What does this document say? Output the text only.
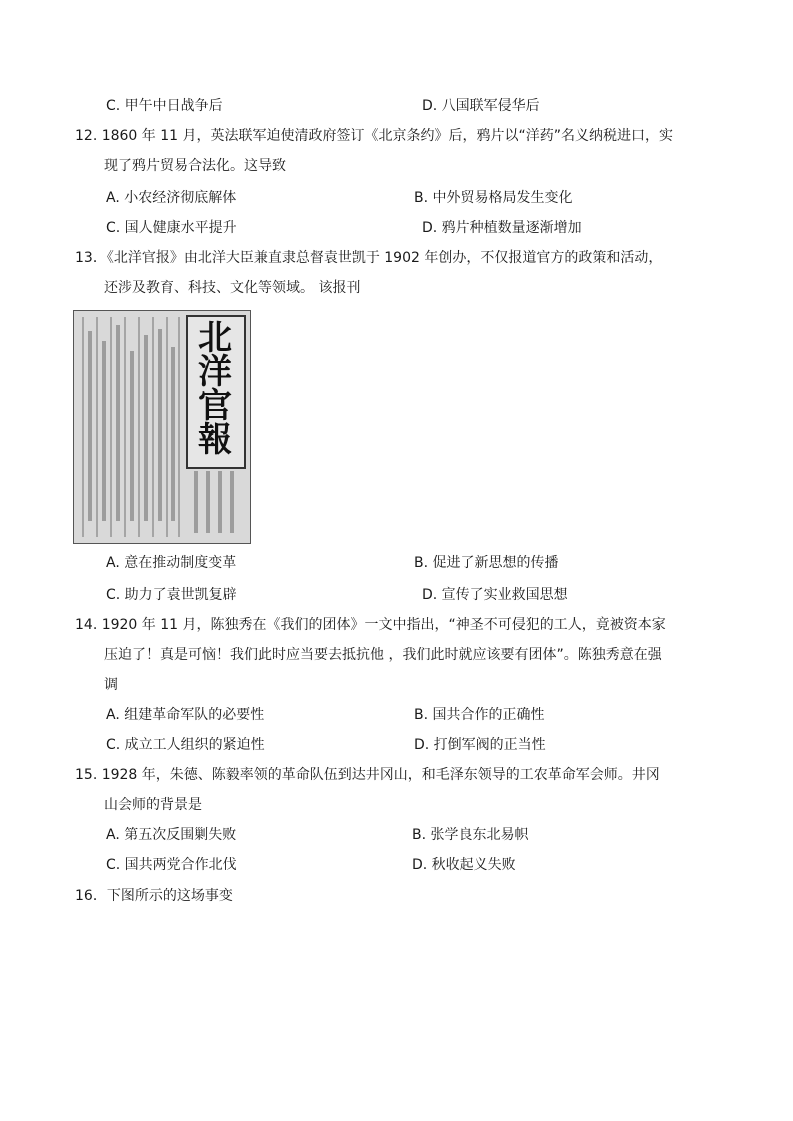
C. 甲午中日战争后	D. 八国联军侵华后
12. 1860 年 11 月，英法联军迫使清政府签订《北京条约》后，鸦片以“洋药”名义纳税进口，实
现了鸦片贸易合法化。这导致
A. 小农经济彻底解体	B. 中外贸易格局发生变化
C. 国人健康水平提升	D. 鸦片种植数量逐渐增加
13．《北洋官报》由北洋大臣兼直隶总督袁世凯于 1902 年创办，不仅报道官方的政策和活动，
还涉及教育、科技、文化等领域。 该报刊
北洋官報
A. 意在推动制度变革	B. 促进了新思想的传播
C. 助力了袁世凯复辟	D. 宣传了实业救国思想
14. 1920 年 11 月，陈独秀在《我们的团体》一文中指出，“神圣不可侵犯的工人，竟被资本家
压迫了！真是可恼！我们此时应当要去抵抗他 ，我们此时就应该要有团体”。陈独秀意在强
调
A. 组建革命军队的必要性	B. 国共合作的正确性
C. 成立工人组织的紧迫性	D. 打倒军阀的正当性
15. 1928 年，朱德、陈毅率领的革命队伍到达井冈山，和毛泽东领导的工农革命军会师。井冈
山会师的背景是
A. 第五次反围剿失败	B. 张学良东北易帜
C. 国共两党合作北伐	D. 秋收起义失败
16．下图所示的这场事变
